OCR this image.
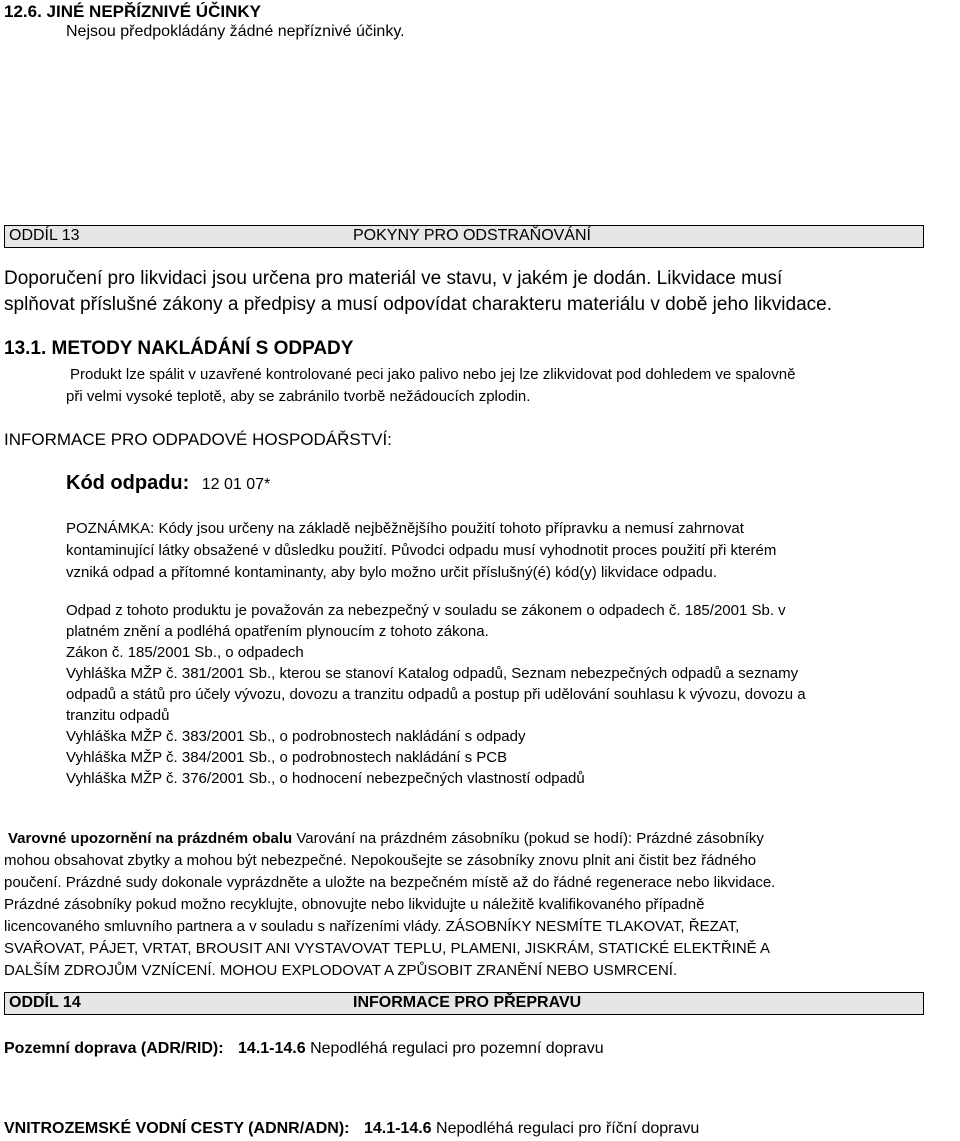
12.6. JINÉ NEPŘÍZNIVÉ ÚČINKY
Nejsou předpokládány žádné nepříznivé účinky.
ODDÍL 13	POKYNY PRO ODSTRAŇOVÁNÍ
Doporučení pro likvidaci jsou určena pro materiál ve stavu, v jakém je dodán. Likvidace musí
splňovat příslušné zákony a předpisy a musí odpovídat charakteru materiálu v době jeho likvidace.
13.1. METODY NAKLÁDÁNÍ S ODPADY
Produkt lze spálit v uzavřené kontrolované peci jako palivo nebo jej lze zlikvidovat pod dohledem ve spalovně
při velmi vysoké teplotě, aby se zabránilo tvorbě nežádoucích zplodin.
INFORMACE PRO ODPADOVÉ HOSPODÁŘSTVÍ:
Kód odpadu: 12 01 07*
POZNÁMKA: Kódy jsou určeny na základě nejběžnějšího použití tohoto přípravku a nemusí zahrnovat
kontaminující látky obsažené v důsledku použití. Původci odpadu musí vyhodnotit proces použití při kterém
vzniká odpad a přítomné kontaminanty, aby bylo možno určit příslušný(é) kód(y) likvidace odpadu.
Odpad z tohoto produktu je považován za nebezpečný v souladu se zákonem o odpadech č. 185/2001 Sb. v
platném znění a podléhá opatřením plynoucím z tohoto zákona.
Zákon č. 185/2001 Sb., o odpadech
Vyhláška MŽP č. 381/2001 Sb., kterou se stanoví Katalog odpadů, Seznam nebezpečných odpadů a seznamy
odpadů a států pro účely vývozu, dovozu a tranzitu odpadů a postup při udělování souhlasu k vývozu, dovozu a
tranzitu odpadů
Vyhláška MŽP č. 383/2001 Sb., o podrobnostech nakládání s odpady
Vyhláška MŽP č. 384/2001 Sb., o podrobnostech nakládání s PCB
Vyhláška MŽP č. 376/2001 Sb., o hodnocení nebezpečných vlastností odpadů
Varovné upozornění na prázdném obalu Varování na prázdném zásobníku (pokud se hodí): Prázdné zásobníky
mohou obsahovat zbytky a mohou být nebezpečné. Nepokoušejte se zásobníky znovu plnit ani čistit bez řádného
poučení. Prázdné sudy dokonale vyprázdněte a uložte na bezpečném místě až do řádné regenerace nebo likvidace.
Prázdné zásobníky pokud možno recyklujte, obnovujte nebo likvidujte u náležitě kvalifikovaného případně
licencovaného smluvního partnera a v souladu s nařízeními vlády. ZÁSOBNÍKY NESMÍTE TLAKOVAT, ŘEZAT,
SVAŘOVAT, PÁJET, VRTAT, BROUSIT ANI VYSTAVOVAT TEPLU, PLAMENI, JISKRÁM, STATICKÉ ELEKTŘINĚ A
DALŠÍM ZDROJŮM VZNÍCENÍ. MOHOU EXPLODOVAT A ZPŮSOBIT ZRANĚNÍ NEBO USMRCENÍ.
ODDÍL 14	INFORMACE PRO PŘEPRAVU
Pozemní doprava (ADR/RID): 14.1-14.6 Nepodléhá regulaci pro pozemní dopravu
VNITROZEMSKÉ VODNÍ CESTY (ADNR/ADN): 14.1-14.6 Nepodléhá regulaci pro říční dopravu
